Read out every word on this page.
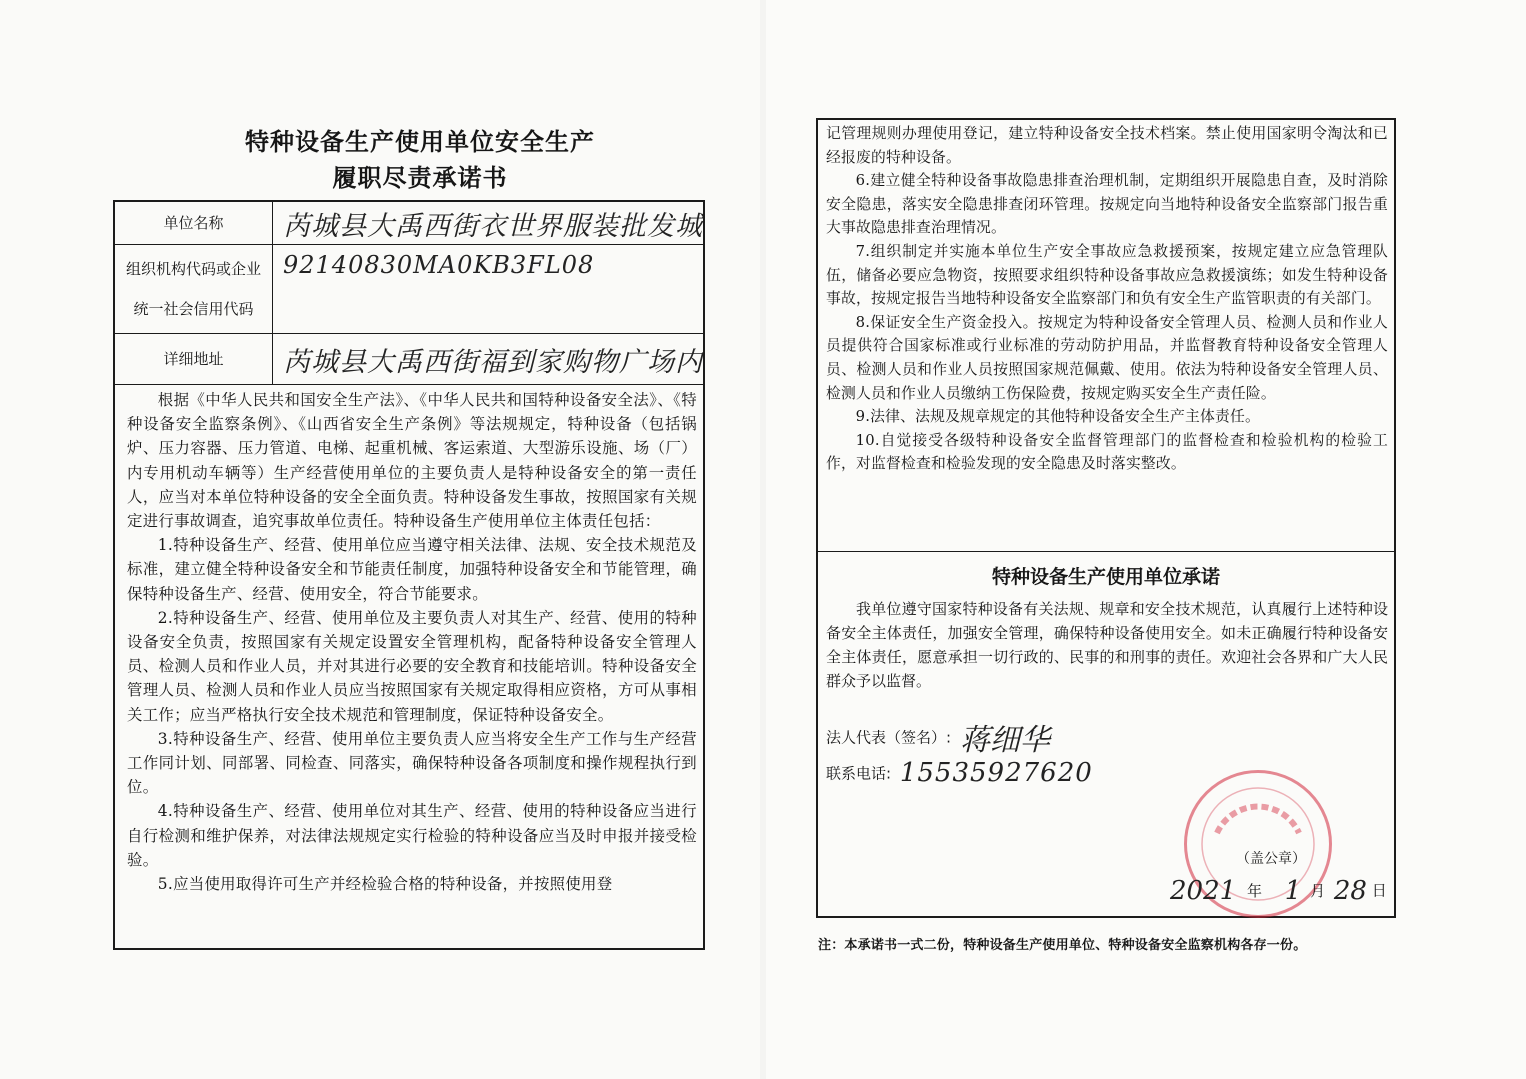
特种设备生产使用单位安全生产
履职尽责承诺书
单位名称	芮城县大禹西街衣世界服装批发城

组织机构代码或企业
统一社会信用代码	92140830MA0KB3FL08
详细地址	芮城县大禹西街福到家购物广场内

根据《中华人民共和国安全生产法》、《中华人民共和国特种设备安全法》、《特种设备安全监察条例》、《山西省安全生产条例》等法规规定，特种设备（包括锅炉、压力容器、压力管道、电梯、起重机械、客运索道、大型游乐设施、场（厂）内专用机动车辆等）生产经营使用单位的主要负责人是特种设备安全的第一责任人，应当对本单位特种设备的安全全面负责。特种设备发生事故，按照国家有关规定进行事故调查，追究事故单位责任。特种设备生产使用单位主体责任包括：

1.特种设备生产、经营、使用单位应当遵守相关法律、法规、安全技术规范及标准，建立健全特种设备安全和节能责任制度，加强特种设备安全和节能管理，确保特种设备生产、经营、使用安全，符合节能要求。

2.特种设备生产、经营、使用单位及主要负责人对其生产、经营、使用的特种设备安全负责，按照国家有关规定设置安全管理机构，配备特种设备安全管理人员、检测人员和作业人员，并对其进行必要的安全教育和技能培训。特种设备安全管理人员、检测人员和作业人员应当按照国家有关规定取得相应资格，方可从事相关工作；应当严格执行安全技术规范和管理制度，保证特种设备安全。

3.特种设备生产、经营、使用单位主要负责人应当将安全生产工作与生产经营工作同计划、同部署、同检查、同落实，确保特种设备各项制度和操作规程执行到位。

4.特种设备生产、经营、使用单位对其生产、经营、使用的特种设备应当进行自行检测和维护保养，对法律法规规定实行检验的特种设备应当及时申报并接受检验。

5.应当使用取得许可生产并经检验合格的特种设备，并按照使用登

记管理规则办理使用登记，建立特种设备安全技术档案。禁止使用国家明令淘汰和已经报废的特种设备。

6.建立健全特种设备事故隐患排查治理机制，定期组织开展隐患自查，及时消除安全隐患，落实安全隐患排查闭环管理。按规定向当地特种设备安全监察部门报告重大事故隐患排查治理情况。

7.组织制定并实施本单位生产安全事故应急救援预案，按规定建立应急管理队伍，储备必要应急物资，按照要求组织特种设备事故应急救援演练；如发生特种设备事故，按规定报告当地特种设备安全监察部门和负有安全生产监管职责的有关部门。

8.保证安全生产资金投入。按规定为特种设备安全管理人员、检测人员和作业人员提供符合国家标准或行业标准的劳动防护用品，并监督教育特种设备安全管理人员、检测人员和作业人员按照国家规范佩戴、使用。依法为特种设备安全管理人员、检测人员和作业人员缴纳工伤保险费，按规定购买安全生产责任险。

9.法律、法规及规章规定的其他特种设备安全生产主体责任。

10.自觉接受各级特种设备安全监督管理部门的监督检查和检验机构的检验工作，对监督检查和检验发现的安全隐患及时落实整改。

特种设备生产使用单位承诺

我单位遵守国家特种设备有关法规、规章和安全技术规范，认真履行上述特种设备安全主体责任，加强安全管理，确保特种设备使用安全。如未正确履行特种设备安全主体责任，愿意承担一切行政的、民事的和刑事的责任。欢迎社会各界和广大人民群众予以监督。

法人代表（签名）: 蒋细华
联系电话: 15535927620
（盖公章）
2021 年 1 月 28 日
注：本承诺书一式二份，特种设备生产使用单位、特种设备安全监察机构各存一份。
